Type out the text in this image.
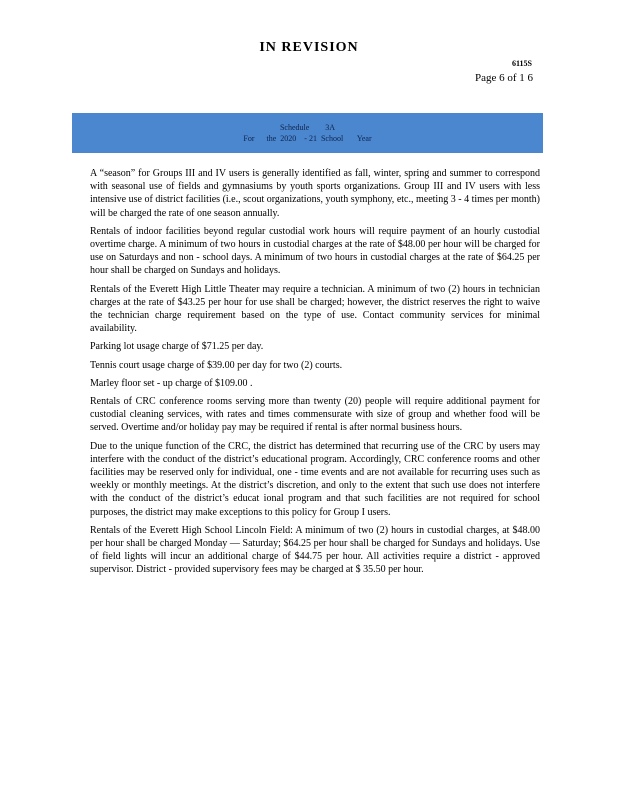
IN REVISION
6115S
Page 6 of 1 6
Schedule        3A
For      the  2020    - 21  School       Year
A “season” for Groups III and IV users is generally identified as fall, winter, spring and summer to correspond with seasonal use of fields and gymnasiums by youth sports organizations. Group III and IV users with less intensive use of district facilities (i.e., scout organizations, youth symphony, etc., meeting 3 - 4 times per month) will be charged the rate of one season annually.
Rentals of indoor facilities beyond regular custodial work hours will require payment of an hourly custodial overtime charge. A minimum of two hours in custodial charges at the rate of $48.00 per hour will be charged for use on Saturdays and non - school days. A minimum of two hours in custodial charges at the rate of $64.25 per hour shall be charged on Sundays and holidays.
Rentals of the Everett High Little Theater may require a technician. A minimum of two (2) hours in technician charges at the rate of $43.25 per hour for use shall be charged; however, the district reserves the right to waive the technician charge requirement based on the type of use. Contact community services for minimal availability.
Parking lot usage charge of $71.25 per day.
Tennis court usage charge of $39.00 per day for two (2) courts.
Marley floor set - up charge of $109.00 .
Rentals of CRC conference rooms serving more than twenty (20) people will require additional payment for custodial cleaning services, with rates and times commensurate with size of group and whether food will be served. Overtime and/or holiday pay may be required if rental is after normal business hours.
Due to the unique function of the CRC, the district has determined that recurring use of the CRC by users may interfere with the conduct of the district’s educational program. Accordingly, CRC conference rooms and other facilities may be reserved only for individual, one - time events and are not available for recurring uses such as weekly or monthly meetings. At the district’s discretion, and only to the extent that such use does not interfere with the conduct of the district’s educat ional program and that such facilities are not required for school purposes, the district may make exceptions to this policy for Group I users.
Rentals of the Everett High School Lincoln Field: A minimum of two (2) hours in custodial charges, at $48.00 per hour shall be charged Monday — Saturday; $64.25 per hour shall be charged for Sundays and holidays. Use of field lights will incur an additional charge of $44.75 per hour. All activities require a district - approved supervisor. District - provided supervisory fees may be charged at $ 35.50 per hour.
